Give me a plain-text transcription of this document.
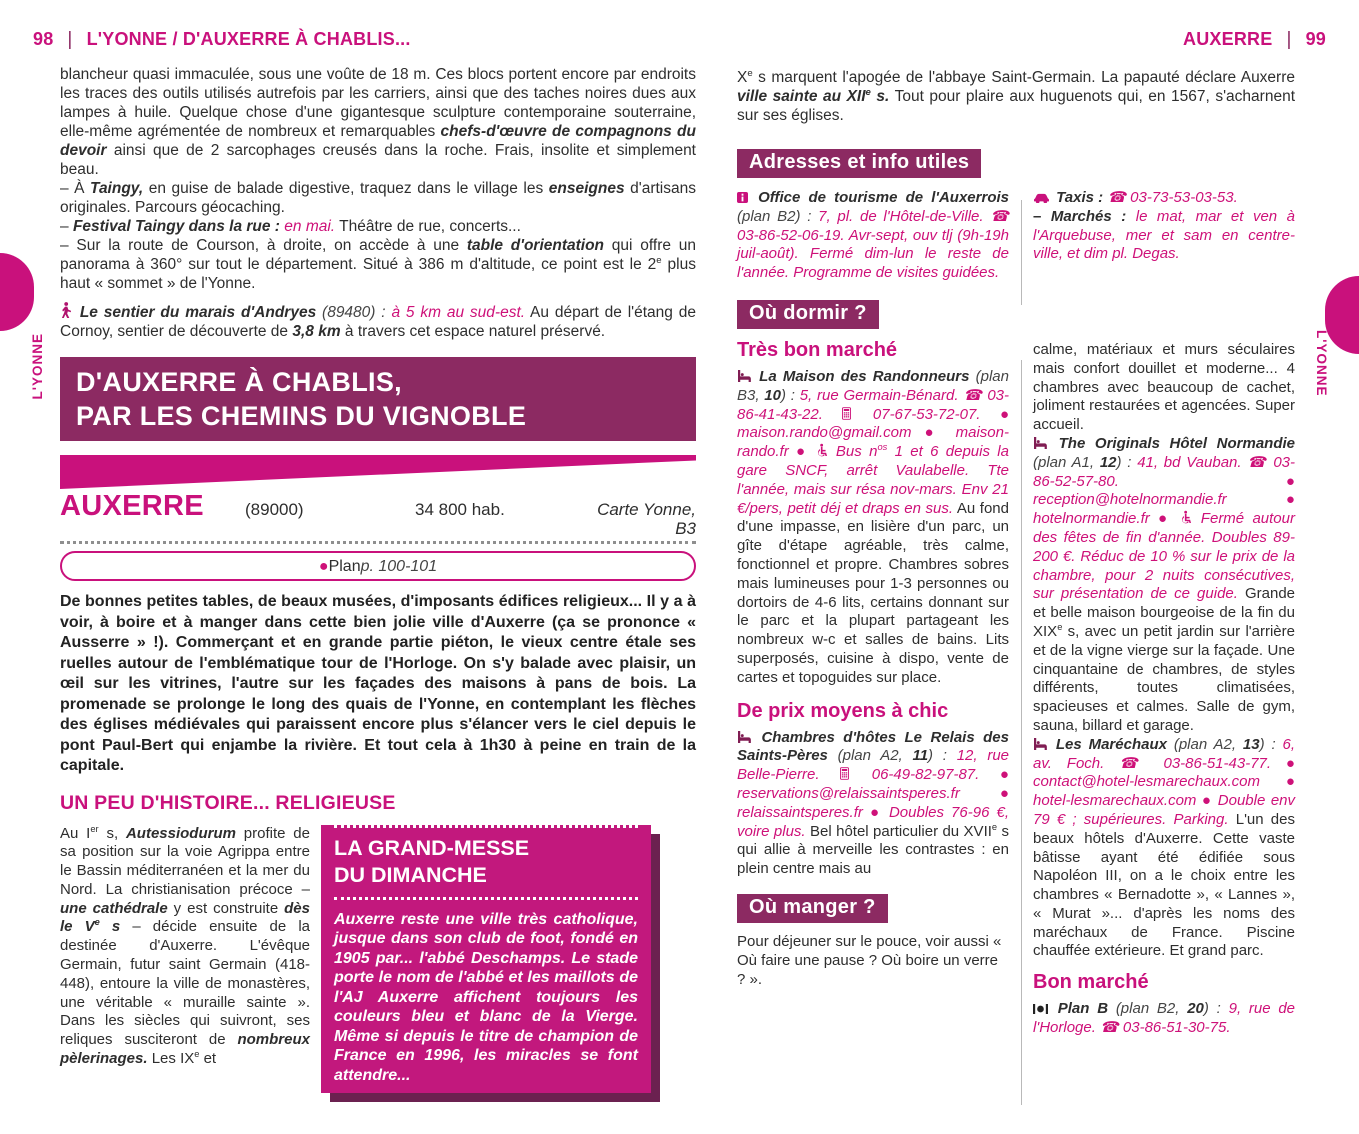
98 | L'YONNE / D'AUXERRE À CHABLIS...	AUXERRE | 99
L'YONNE	L'YONNE

blancheur quasi immaculée, sous une voûte de 18 m. Ces blocs portent encore par endroits les traces des outils utilisés autrefois par les carriers, ainsi que des taches noires dues aux lampes à huile. Quelque chose d'une gigantesque sculpture contemporaine souterraine, elle-même agrémentée de nombreux et remarquables chefs-d'œuvre de compagnons du devoir ainsi que de 2 sarcophages creusés dans la roche. Frais, insolite et simplement beau.

– À Taingy, en guise de balade digestive, traquez dans le village les enseignes d'artisans originales. Parcours géocaching.

– Festival Taingy dans la rue : en mai. Théâtre de rue, concerts...

– Sur la route de Courson, à droite, on accède à une table d'orientation qui offre un panorama à 360° sur tout le département. Situé à 386 m d'altitude, ce point est le 2e plus haut « sommet » de l'Yonne.

Le sentier du marais d'Andryes (89480) : à 5 km au sud-est. Au départ de l'étang de Cornoy, sentier de découverte de 3,8 km à travers cet espace naturel préservé.

D'AUXERRE À CHABLIS,
PAR LES CHEMINS DU VIGNOBLE
AUXERRE	(89000)	34 800 hab.	Carte Yonne, B3
● Plan p. 100-101

De bonnes petites tables, de beaux musées, d'imposants édifices religieux... Il y a à voir, à boire et à manger dans cette bien jolie ville d'Auxerre (ça se prononce « Ausserre » !). Commerçant et en grande partie piéton, le vieux centre étale ses ruelles autour de l'emblématique tour de l'Horloge. On s'y balade avec plaisir, un œil sur les vitrines, l'autre sur les façades des maisons à pans de bois. La promenade se prolonge le long des quais de l'Yonne, en contemplant les flèches des églises médiévales qui paraissent encore plus s'élancer vers le ciel depuis le pont Paul-Bert qui enjambe la rivière. Et tout cela à 1h30 à peine en train de la capitale.

UN PEU D'HISTOIRE... RELIGIEUSE

Au Ier s, Autessiodurum profite de sa position sur la voie Agrippa entre le Bassin méditerranéen et la mer du Nord. La christianisation précoce – une cathédrale y est construite dès le Ve s – décide ensuite de la destinée d'Auxerre. L'évêque Germain, futur saint Germain (418-448), entoure la ville de monastères, une véritable « muraille sainte ». Dans les siècles qui suivront, ses reliques susciteront de nombreux pèlerinages. Les IXe et

LA GRAND-MESSE
DU DIMANCHE

Auxerre reste une ville très catholique, jusque dans son club de foot, fondé en 1905 par... l'abbé Deschamps. Le stade porte le nom de l'abbé et les maillots de l'AJ Auxerre affichent toujours les couleurs bleu et blanc de la Vierge. Même si depuis le titre de champion de France en 1996, les miracles se font attendre...

Xe s marquent l'apogée de l'abbaye Saint-Germain. La papauté déclare Auxerre ville sainte au XIIe s. Tout pour plaire aux huguenots qui, en 1567, s'acharnent sur ses églises.

Adresses et info utiles

Office de tourisme de l'Auxerrois (plan B2) : 7, pl. de l'Hôtel-de-Ville. ☎ 03-86-52-06-19. Avr-sept, ouv tlj (9h-19h juil-août). Fermé dim-lun le reste de l'année. Programme de visites guidées.

Taxis : ☎ 03-73-53-03-53.

– Marchés : le mat, mar et ven à l'Arquebuse, mer et sam en centre-ville, et dim pl. Degas.

Où dormir ?
Très bon marché

La Maison des Randonneurs (plan B3, 10) : 5, rue Germain-Bénard. ☎ 03-86-41-43-22.  07-67-53-72-07. ● maison.rando@gmail.com ● maison-rando.fr ●  Bus $n^{os}$ 1 et 6 depuis la gare SNCF, arrêt Vaulabelle. Tte l'année, mais sur résa nov-mars. Env 21 €/pers, petit déj et draps en sus. Au fond d'une impasse, en lisière d'un parc, un gîte d'étape agréable, très calme, fonctionnel et propre. Chambres sobres mais lumineuses pour 1-3 personnes ou dortoirs de 4-6 lits, certains donnant sur le parc et la plupart partageant les nombreux w-c et salles de bains. Lits superposés, cuisine à dispo, vente de cartes et topoguides sur place.

De prix moyens à chic

Chambres d'hôtes Le Relais des Saints-Pères (plan A2, 11) : 12, rue Belle-Pierre.  06-49-82-97-87. ● reservations@relaissaintsperes.fr ● relaissaintsperes.fr ● Doubles 76-96 €, voire plus. Bel hôtel particulier du XVIIe s qui allie à merveille les contrastes : en plein centre mais au

Où manger ?

Pour déjeuner sur le pouce, voir aussi « Où faire une pause ? Où boire un verre ? ».

calme, matériaux et murs séculaires mais confort douillet et moderne... 4 chambres avec beaucoup de cachet, joliment restaurées et agencées. Super accueil.

The Originals Hôtel Normandie (plan A1, 12) : 41, bd Vauban. ☎ 03-86-52-57-80. ● reception@hotelnormandie.fr ● hotelnormandie.fr ●  Fermé autour des fêtes de fin d'année. Doubles 89-200 €. Réduc de 10 % sur le prix de la chambre, pour 2 nuits consécutives, sur présentation de ce guide. Grande et belle maison bourgeoise de la fin du XIXe s, avec un petit jardin sur l'arrière et de la vigne vierge sur la façade. Une cinquantaine de chambres, de styles différents, toutes climatisées, spacieuses et calmes. Salle de gym, sauna, billard et garage.

Les Maréchaux (plan A2, 13) : 6, av. Foch. ☎ 03-86-51-43-77. ● contact@hotel-lesmarechaux.com ● hotel-lesmarechaux.com ● Double env 79 € ; supérieures. Parking. L'un des beaux hôtels d'Auxerre. Cette vaste bâtisse ayant été édifiée sous Napoléon III, on a le choix entre les chambres « Bernadotte », « Lannes », « Murat »... d'après les noms des maréchaux de France. Piscine chauffée extérieure. Et grand parc.

Bon marché

Plan B (plan B2, 20) : 9, rue de l'Horloge. ☎ 03-86-51-30-75.
